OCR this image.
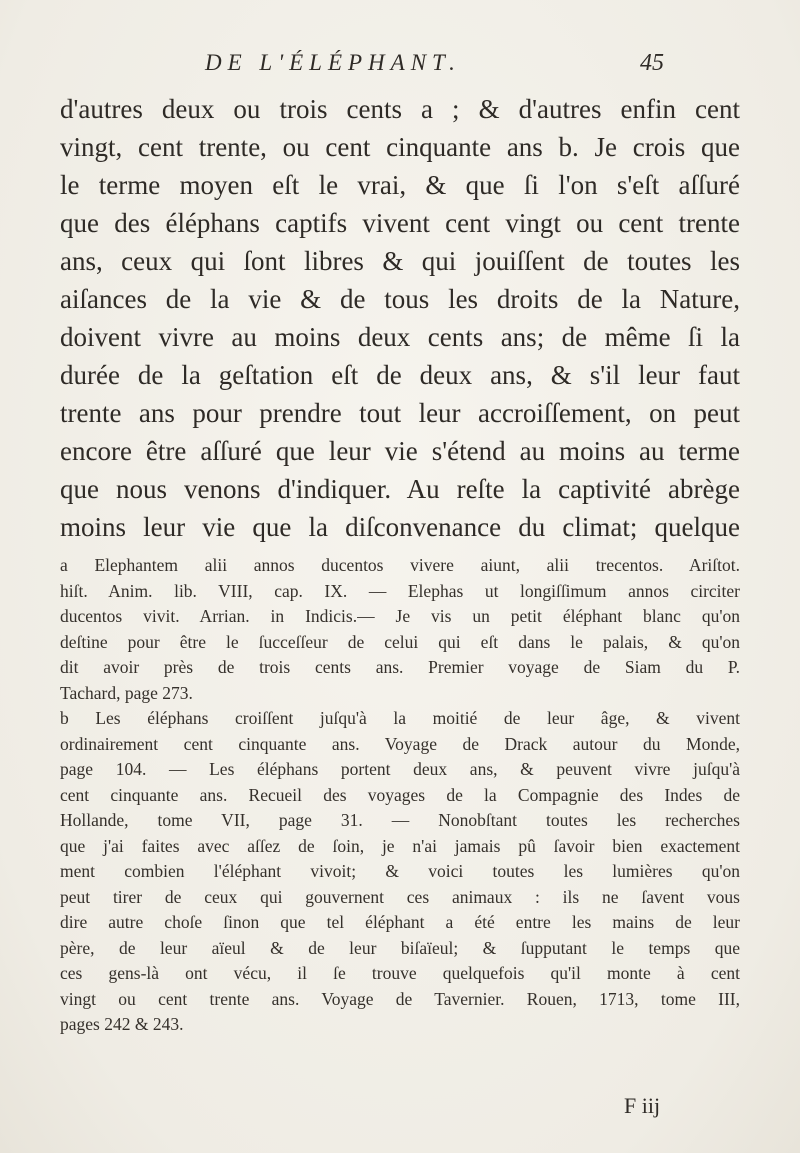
DE L'ÉLÉPHANT.	45
d'autres deux ou trois cents a ; & d'autres enfin cent
vingt, cent trente, ou cent cinquante ans b. Je crois que
le terme moyen eſt le vrai, & que ſi l'on s'eſt aſſuré
que des éléphans captifs vivent cent vingt ou cent trente
ans, ceux qui ſont libres & qui jouiſſent de toutes les
aiſances de la vie & de tous les droits de la Nature,
doivent vivre au moins deux cents ans; de même ſi la
durée de la geſtation eſt de deux ans, & s'il leur faut
trente ans pour prendre tout leur accroiſſement, on peut
encore être aſſuré que leur vie s'étend au moins au terme
que nous venons d'indiquer. Au reſte la captivité abrège
moins leur vie que la diſconvenance du climat; quelque
a Elephantem alii annos ducentos vivere aiunt, alii trecentos. Ariſtot.
hiſt. Anim. lib. VIII, cap. IX. — Elephas ut longiſſimum annos circiter
ducentos vivit. Arrian. in Indicis.— Je vis un petit éléphant blanc qu'on
deſtine pour être le ſucceſſeur de celui qui eſt dans le palais, & qu'on
dit avoir près de trois cents ans. Premier voyage de Siam du P.
Tachard, page 273.
b Les éléphans croiſſent juſqu'à la moitié de leur âge, & vivent
ordinairement cent cinquante ans. Voyage de Drack autour du Monde,
page 104. — Les éléphans portent deux ans, & peuvent vivre juſqu'à
cent cinquante ans. Recueil des voyages de la Compagnie des Indes de
Hollande, tome VII, page 31. — Nonobſtant toutes les recherches
que j'ai faites avec aſſez de ſoin, je n'ai jamais pû ſavoir bien exactement
ment combien l'éléphant vivoit; & voici toutes les lumières qu'on
peut tirer de ceux qui gouvernent ces animaux : ils ne ſavent vous
dire autre choſe ſinon que tel éléphant a été entre les mains de leur
père, de leur aïeul & de leur biſaïeul; & ſupputant le temps que
ces gens-là ont vécu, il ſe trouve quelquefois qu'il monte à cent
vingt ou cent trente ans. Voyage de Tavernier. Rouen, 1713, tome III,
pages 242 & 243.
F iij
